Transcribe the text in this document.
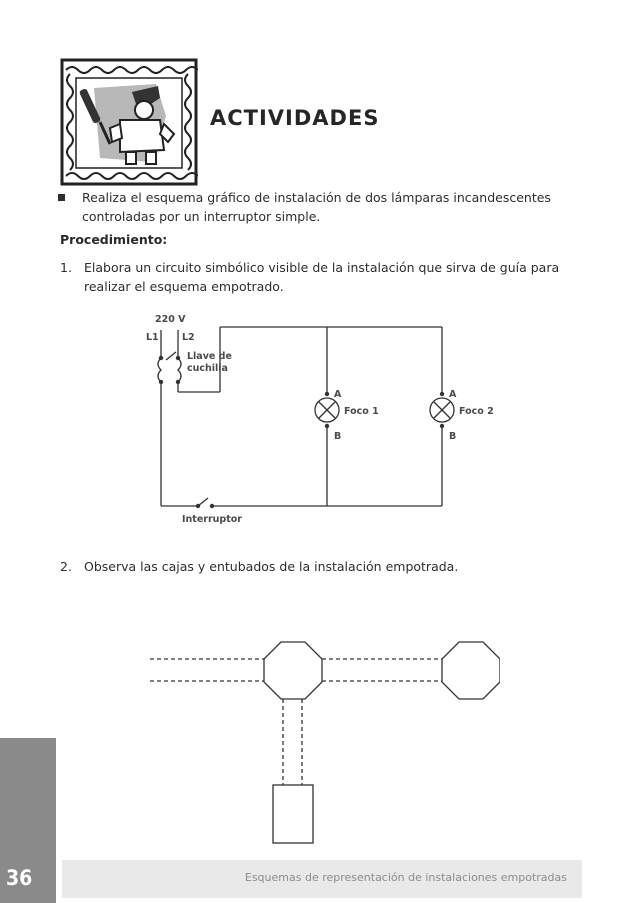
ACTIVIDADES
Realiza el esquema gráfico de instalación de dos lámparas incandescentes controladas por un interruptor simple.
Procedimiento:
1. Elabora un circuito simbólico visible de la instalación que sirva de guía para realizar el esquema empotrado.
220 V
L1 L2
Llave de
cuchilla
A
Foco 1
B
A
Foco 2
B
Interruptor
2. Observa las cajas y entubados de la instalación empotrada.
36	Esquemas de representación de instalaciones empotradas
